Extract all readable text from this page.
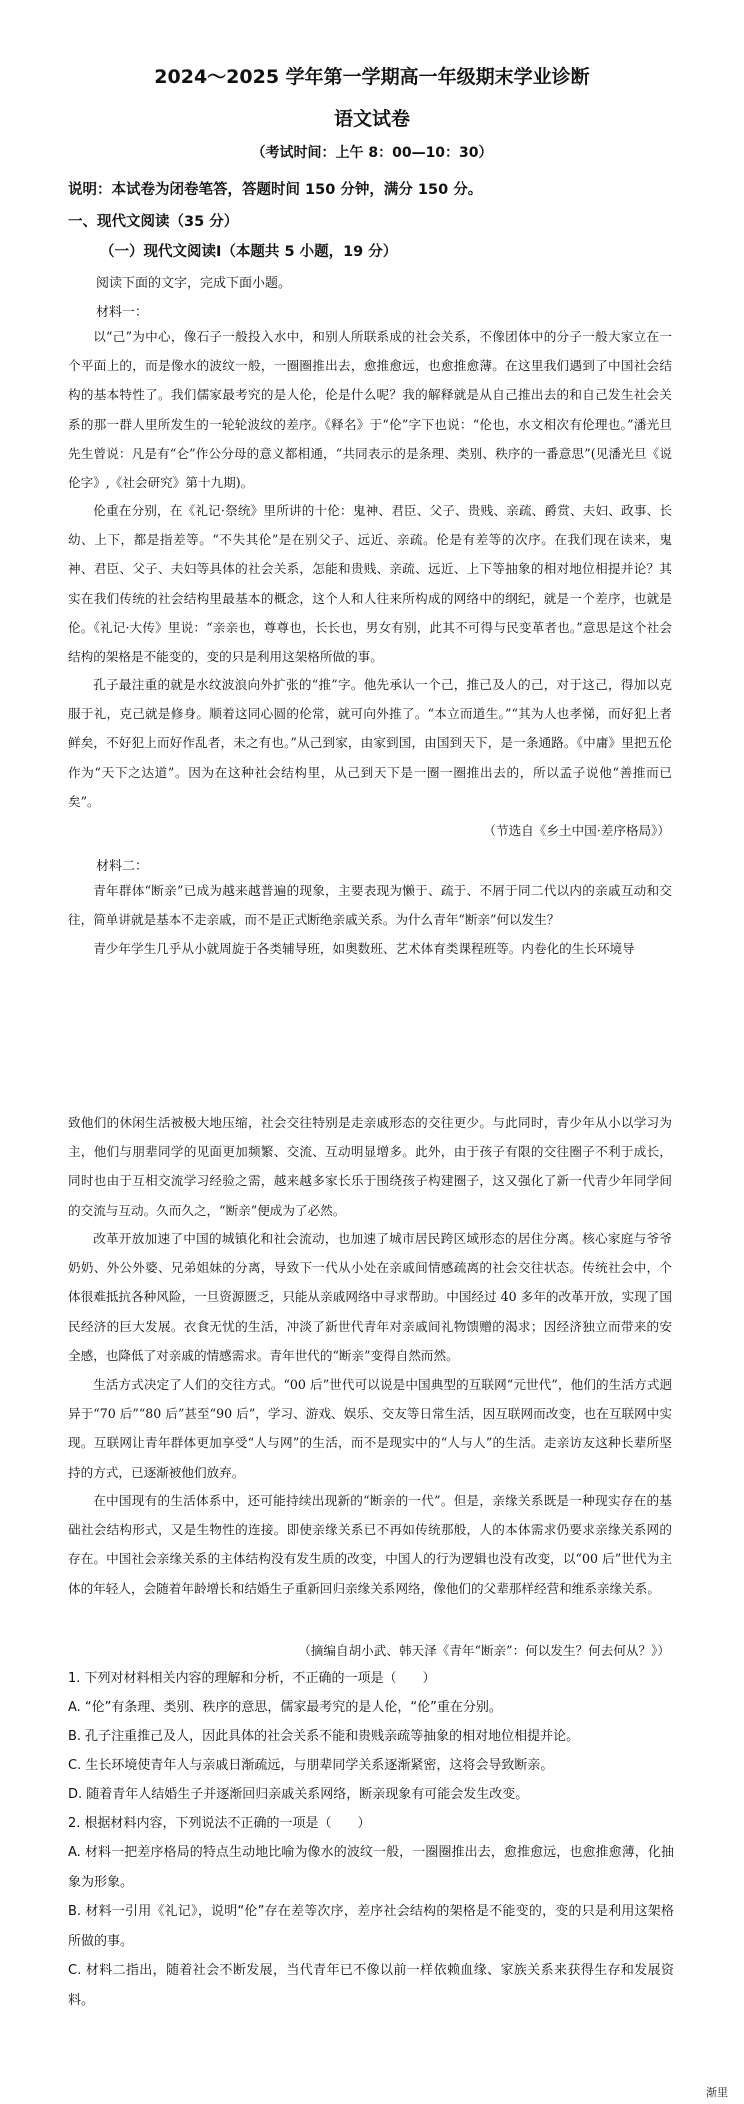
2024～2025 学年第一学期高一年级期末学业诊断
语文试卷
（考试时间：上午 8：00—10：30）
说明：本试卷为闭卷笔答，答题时间 150 分钟，满分 150 分。
一、现代文阅读（35 分）
（一）现代文阅读Ⅰ（本题共 5 小题，19 分）
阅读下面的文字，完成下面小题。
材料一：
以“己”为中心，像石子一般投入水中，和别人所联系成的社会关系，不像团体中的分子一般大家立在一个平面上的，而是像水的波纹一般，一圈圈推出去，愈推愈远，也愈推愈薄。在这里我们遇到了中国社会结构的基本特性了。我们儒家最考究的是人伦，伦是什么呢？我的解释就是从自己推出去的和自己发生社会关系的那一群人里所发生的一轮轮波纹的差序。《释名》于“伦”字下也说：“伦也，水文相次有伦理也。”潘光旦先生曾说：凡是有“仑”作公分母的意义都相通，“共同表示的是条理、类别、秩序的一番意思”(见潘光旦《说伦字》,《社会研究》第十九期)。
伦重在分别，在《礼记·祭统》里所讲的十伦：鬼神、君臣、父子、贵贱、亲疏、爵赏、夫妇、政事、长幼、上下，都是指差等。“不失其伦”是在别父子、远近、亲疏。伦是有差等的次序。在我们现在读来，鬼神、君臣、父子、夫妇等具体的社会关系，怎能和贵贱、亲疏、远近、上下等抽象的相对地位相提并论？其实在我们传统的社会结构里最基本的概念，这个人和人往来所构成的网络中的纲纪，就是一个差序，也就是伦。《礼记·大传》里说：“亲亲也，尊尊也，长长也，男女有别，此其不可得与民变革者也。”意思是这个社会结构的架格是不能变的，变的只是利用这架格所做的事。
孔子最注重的就是水纹波浪向外扩张的“推”字。他先承认一个己，推己及人的己，对于这己，得加以克服于礼，克己就是修身。顺着这同心圆的伦常，就可向外推了。“本立而道生。”“其为人也孝悌，而好犯上者鲜矣，不好犯上而好作乱者，未之有也。”从己到家，由家到国，由国到天下，是一条通路。《中庸》里把五伦作为“天下之达道”。因为在这种社会结构里，从己到天下是一圈一圈推出去的，所以孟子说他“善推而已矣”。
（节选自《乡土中国·差序格局》）
材料二：
青年群体“断亲”已成为越来越普遍的现象，主要表现为懒于、疏于、不屑于同二代以内的亲戚互动和交往，简单讲就是基本不走亲戚，而不是正式断绝亲戚关系。为什么青年“断亲”何以发生？
青少年学生几乎从小就周旋于各类辅导班，如奥数班、艺术体育类课程班等。内卷化的生长环境导
致他们的休闲生活被极大地压缩，社会交往特别是走亲戚形态的交往更少。与此同时，青少年从小以学习为主，他们与朋辈同学的见面更加频繁、交流、互动明显增多。此外，由于孩子有限的交往圈子不利于成长，同时也由于互相交流学习经验之需，越来越多家长乐于围绕孩子构建圈子，这又强化了新一代青少年同学间的交流与互动。久而久之，“断亲”便成为了必然。
改革开放加速了中国的城镇化和社会流动，也加速了城市居民跨区域形态的居住分离。核心家庭与爷爷奶奶、外公外婆、兄弟姐妹的分离，导致下一代从小处在亲戚间情感疏离的社会交往状态。传统社会中，个体很难抵抗各种风险，一旦资源匮乏，只能从亲戚网络中寻求帮助。中国经过 40 多年的改革开放，实现了国民经济的巨大发展。衣食无忧的生活，冲淡了新世代青年对亲戚间礼物馈赠的渴求；因经济独立而带来的安全感，也降低了对亲戚的情感需求。青年世代的“断亲”变得自然而然。
生活方式决定了人们的交往方式。“00 后”世代可以说是中国典型的互联网“元世代”，他们的生活方式迥异于“70 后”“80 后”甚至“90 后”，学习、游戏、娱乐、交友等日常生活，因互联网而改变，也在互联网中实现。互联网让青年群体更加享受“人与网”的生活，而不是现实中的“人与人”的生活。走亲访友这种长辈所坚持的方式，已逐渐被他们放弃。
在中国现有的生活体系中，还可能持续出现新的“断亲的一代”。但是，亲缘关系既是一种现实存在的基础社会结构形式，又是生物性的连接。即使亲缘关系已不再如传统那般，人的本体需求仍要求亲缘关系网的存在。中国社会亲缘关系的主体结构没有发生质的改变，中国人的行为逻辑也没有改变，以“00 后”世代为主体的年轻人，会随着年龄增长和结婚生子重新回归亲缘关系网络，像他们的父辈那样经营和维系亲缘关系。
（摘编自胡小武、韩天泽《青年“断亲”：何以发生？何去何从？》）
1. 下列对材料相关内容的理解和分析，不正确的一项是（　　）
A. “伦”有条理、类别、秩序的意思，儒家最考究的是人伦，“伦”重在分别。
B. 孔子注重推己及人，因此具体的社会关系不能和贵贱亲疏等抽象的相对地位相提并论。
C. 生长环境使青年人与亲戚日渐疏远，与朋辈同学关系逐渐紧密，这将会导致断亲。
D. 随着青年人结婚生子并逐渐回归亲戚关系网络，断亲现象有可能会发生改变。
2. 根据材料内容，下列说法不正确的一项是（　　）
A. 材料一把差序格局的特点生动地比喻为像水的波纹一般，一圈圈推出去，愈推愈远，也愈推愈薄，化抽象为形象。
B. 材料一引用《礼记》，说明“伦”存在差等次序，差序社会结构的架格是不能变的，变的只是利用这架格所做的事。
C. 材料二指出，随着社会不断发展，当代青年已不像以前一样依赖血缘、家族关系来获得生存和发展资料。
渐里
